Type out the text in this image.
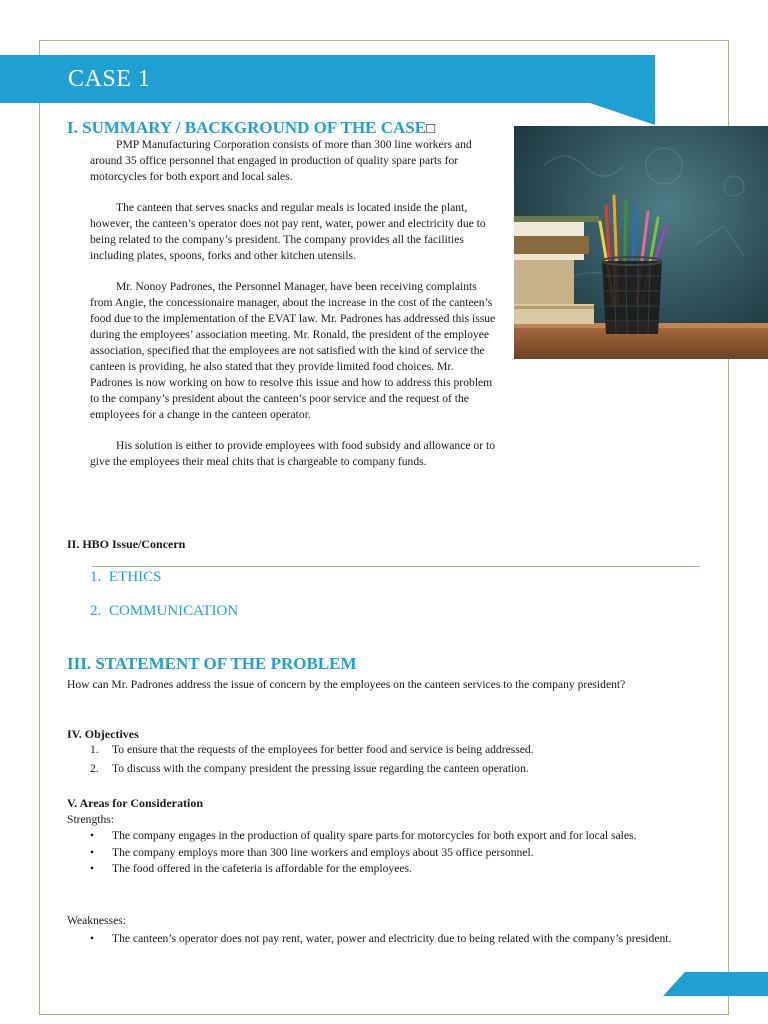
CASE 1
I. SUMMARY / BACKGROUND OF THE CASE□

PMP Manufacturing Corporation consists of more than 300 line workers and around 35 office personnel that engaged in production of quality spare parts for motorcycles for both export and local sales.

The canteen that serves snacks and regular meals is located inside the plant, however, the canteen’s operator does not pay rent, water, power and electricity due to being related to the company’s president. The company provides all the facilities including plates, spoons, forks and other kitchen utensils.

Mr. Nonoy Padrones, the Personnel Manager, have been receiving complaints from Angie, the concessionaire manager, about the increase in the cost of the canteen’s food due to the implementation of the EVAT law. Mr. Padrones has addressed this issue during the employees’ association meeting. Mr. Ronald, the president of the employee association, specified that the employees are not satisfied with the kind of service the canteen is providing, he also stated that they provide limited food choices. Mr. Padrones is now working on how to resolve this issue and how to address this problem to the company’s president about the canteen’s poor service and the request of the employees for a change in the canteen operator.

His solution is either to provide employees with food subsidy and allowance or to give the employees their meal chits that is chargeable to company funds.

II. HBO Issue/Concern
1. ETHICS
2. COMMUNICATION
III. STATEMENT OF THE PROBLEM
How can Mr. Padrones address the issue of concern by the employees on the canteen services to the company president?
IV. Objectives
1.	To ensure that the requests of the employees for better food and service is being addressed.
2.	To discuss with the company president the pressing issue regarding the canteen operation.
V. Areas for Consideration
Strengths:
•	The company engages in the production of quality spare parts for motorcycles for both export and for local sales.
•	The company employs more than 300 line workers and employs about 35 office personnel.
•	The food offered in the cafeteria is affordable for the employees.
Weaknesses:
•	The canteen’s operator does not pay rent, water, power and electricity due to being related with the company’s president.
